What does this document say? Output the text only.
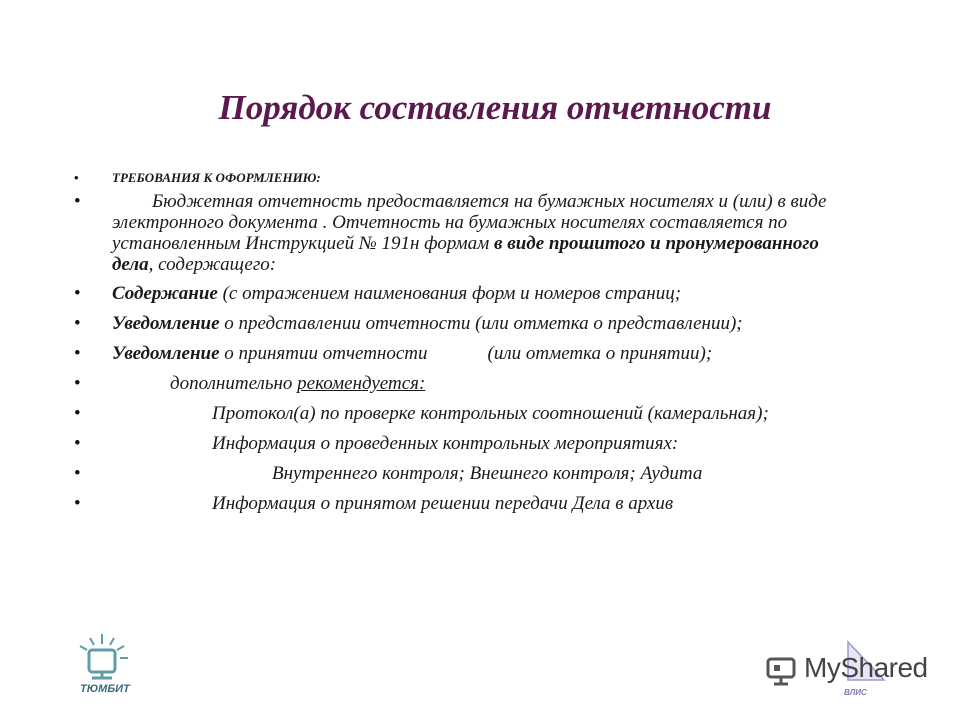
Порядок составления отчетности
• ТРЕБОВАНИЯ К ОФОРМЛЕНИЮ:
• Бюджетная отчетность предоставляется на бумажных носителях и (или) в виде электронного документа . Отчетность на бумажных носителях составляется по установленным Инструкцией № 191н формам в виде прошитого и пронумерованного дела, содержащего:
• Содержание (с отражением наименования форм и номеров страниц;
• Уведомление о представлении отчетности (или отметка о представлении);
• Уведомление о принятии отчетности	(или отметка о принятии);
• дополнительно рекомендуется:
• Протокол(а) по проверке контрольных соотношений (камеральная);
• Информация о проведенных контрольных мероприятиях:
• Внутреннего контроля; Внешнего контроля; Аудита
• Информация о принятом решении передачи Дела в архив
ТЮМБИТ
MyShared
ВЛИС
